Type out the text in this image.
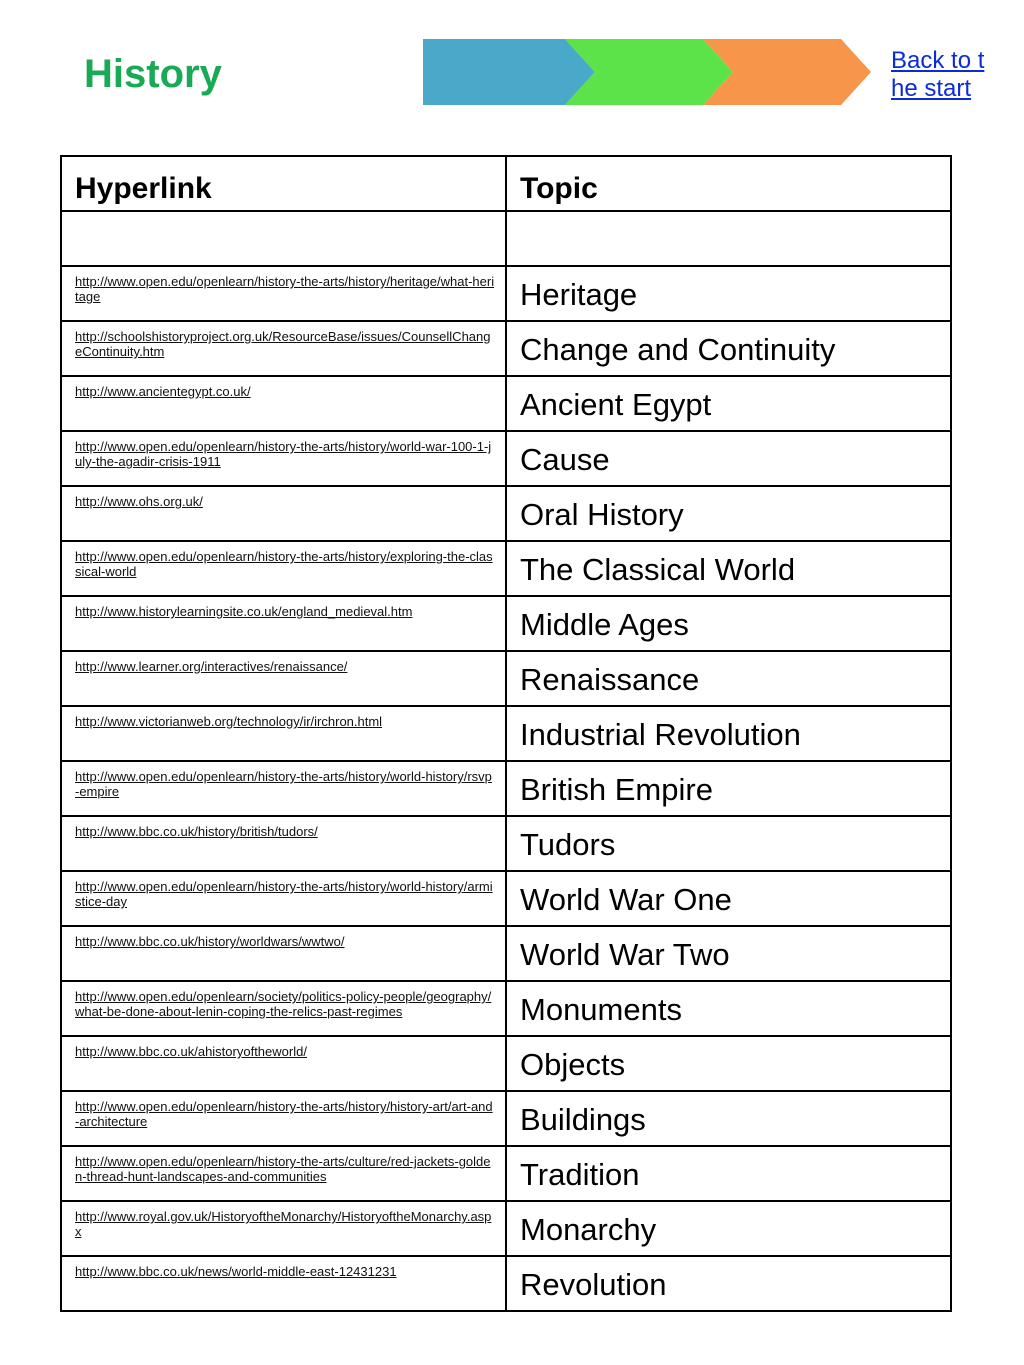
History	Back to the start
Hyperlink	Topic

http://www.open.edu/openlearn/history-the-arts/history/heritage/what-heritage	Heritage

http://schoolshistoryproject.org.uk/ResourceBase/issues/CounsellChangeContinuity.htm	Change and Continuity

http://www.ancientegypt.co.uk/	Ancient Egypt

http://www.open.edu/openlearn/history-the-arts/history/world-war-100-1-july-the-agadir-crisis-1911	Cause

http://www.ohs.org.uk/	Oral History

http://www.open.edu/openlearn/history-the-arts/history/exploring-the-classical-world	The Classical World

http://www.historylearningsite.co.uk/england_medieval.htm	Middle Ages

http://www.learner.org/interactives/renaissance/	Renaissance

http://www.victorianweb.org/technology/ir/irchron.html	Industrial Revolution

http://www.open.edu/openlearn/history-the-arts/history/world-history/rsvp-empire	British Empire

http://www.bbc.co.uk/history/british/tudors/	Tudors

http://www.open.edu/openlearn/history-the-arts/history/world-history/armistice-day	World War One

http://www.bbc.co.uk/history/worldwars/wwtwo/	World War Two

http://www.open.edu/openlearn/society/politics-policy-people/geography/what-be-done-about-lenin-coping-the-relics-past-regimes	Monuments

http://www.bbc.co.uk/ahistoryoftheworld/	Objects

http://www.open.edu/openlearn/history-the-arts/history/history-art/art-and-architecture	Buildings

http://www.open.edu/openlearn/history-the-arts/culture/red-jackets-golden-thread-hunt-landscapes-and-communities	Tradition

http://www.royal.gov.uk/HistoryoftheMonarchy/HistoryoftheMonarchy.aspx	Monarchy

http://www.bbc.co.uk/news/world-middle-east-12431231	Revolution
